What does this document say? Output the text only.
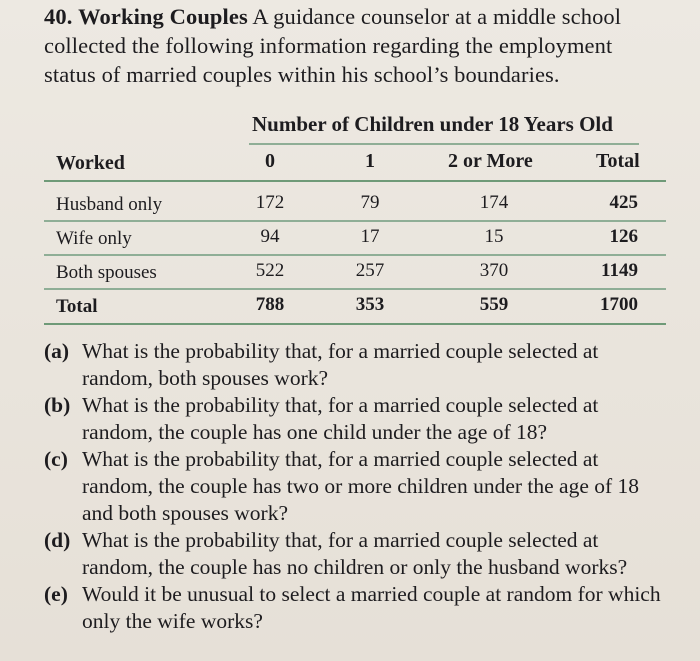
40. Working Couples A guidance counselor at a middle school collected the following information regarding the employment status of married couples within his school’s boundaries.
Number of Children under 18 Years Old
Worked	0	1	2 or More	Total
Husband only	172	79	174	425
Wife only	94	17	15	126
Both spouses	522	257	370	1149
Total	788	353	559	1700
(a) What is the probability that, for a married couple selected at random, both spouses work?
(b) What is the probability that, for a married couple selected at random, the couple has one child under the age of 18?
(c) What is the probability that, for a married couple selected at random, the couple has two or more children under the age of 18 and both spouses work?
(d) What is the probability that, for a married couple selected at random, the couple has no children or only the husband works?
(e) Would it be unusual to select a married couple at random for which only the wife works?
